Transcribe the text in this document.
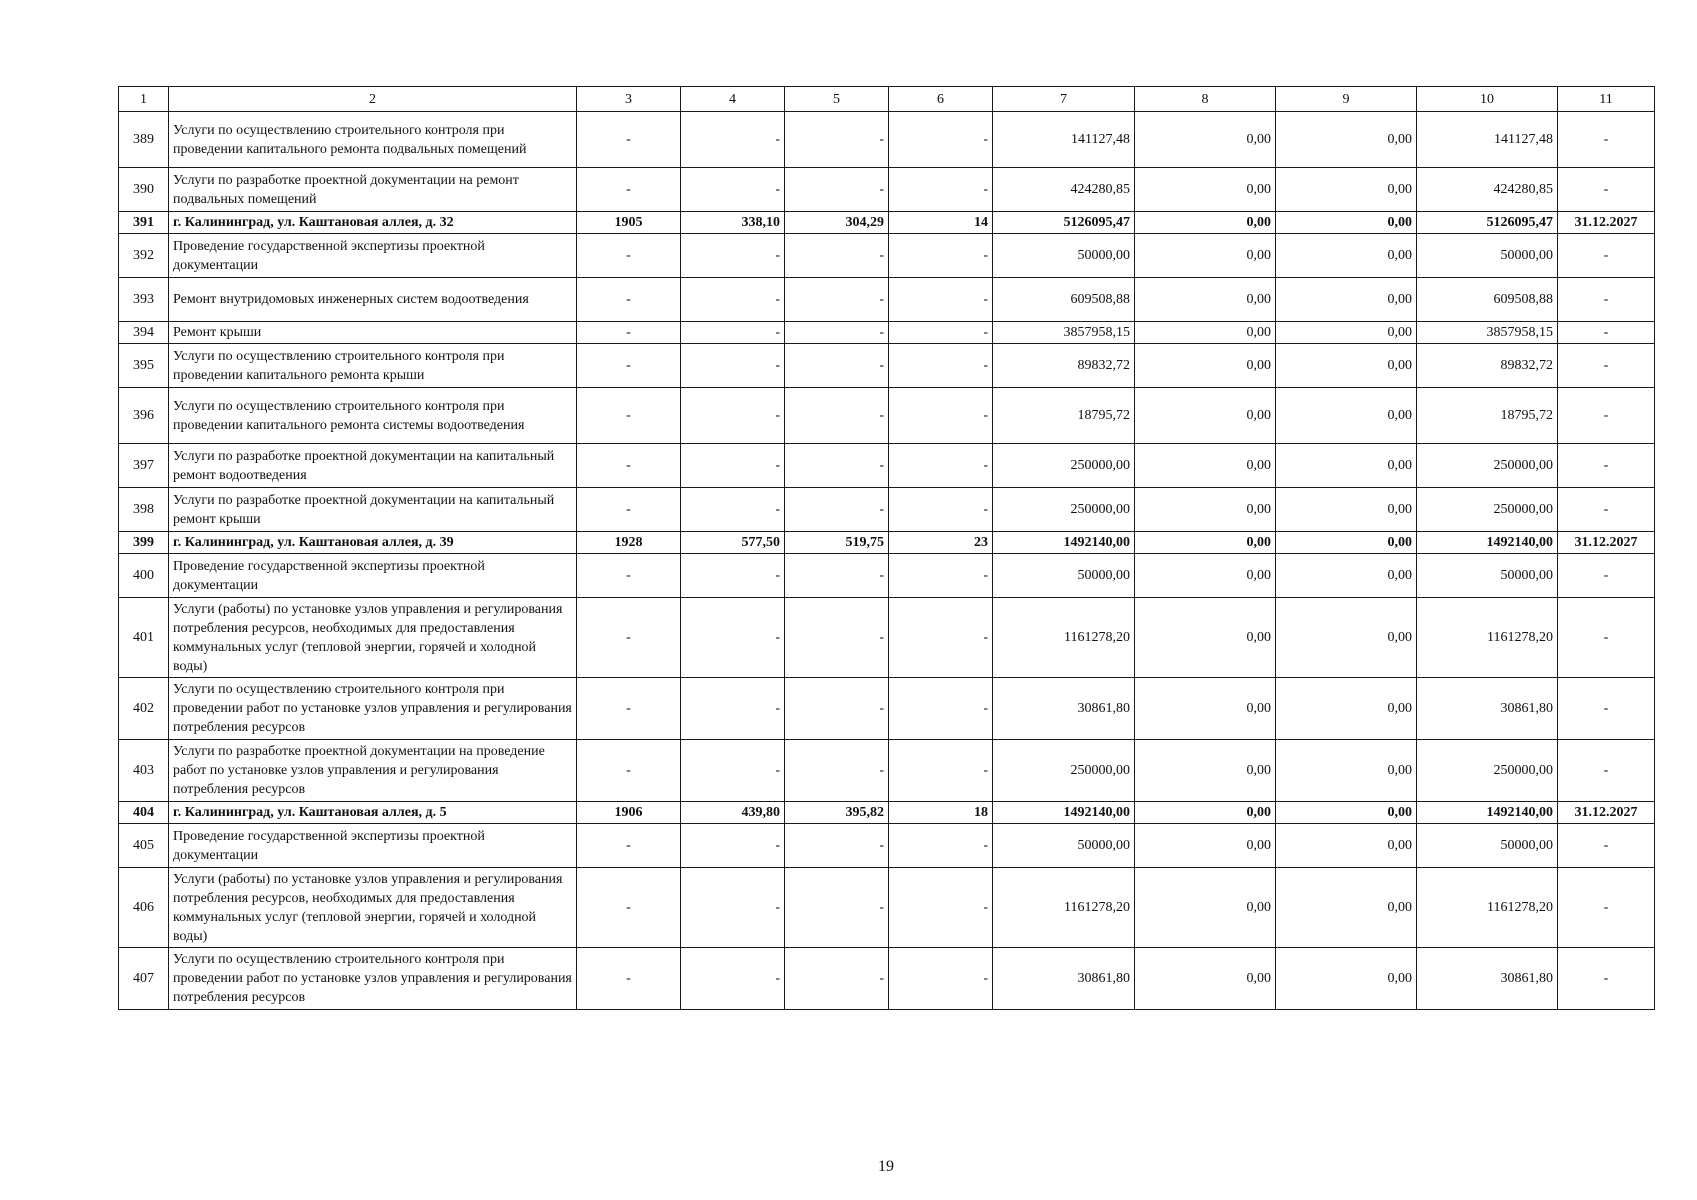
1	2	3	4	5	6	7	8	9	10	11
389	Услуги по осуществлению строительного контроля при проведении капитального ремонта подвальных помещений	-	-	-	-	141127,48	0,00	0,00	141127,48	-
390	Услуги по разработке проектной документации на ремонт подвальных помещений	-	-	-	-	424280,85	0,00	0,00	424280,85	-
391	г. Калининград, ул. Каштановая аллея, д. 32	1905	338,10	304,29	14	5126095,47	0,00	0,00	5126095,47	31.12.2027
392	Проведение государственной экспертизы проектной документации	-	-	-	-	50000,00	0,00	0,00	50000,00	-
393	Ремонт внутридомовых инженерных систем водоотведения	-	-	-	-	609508,88	0,00	0,00	609508,88	-
394	Ремонт крыши	-	-	-	-	3857958,15	0,00	0,00	3857958,15	-
395	Услуги по осуществлению строительного контроля при проведении капитального ремонта крыши	-	-	-	-	89832,72	0,00	0,00	89832,72	-
396	Услуги по осуществлению строительного контроля при проведении капитального ремонта системы водоотведения	-	-	-	-	18795,72	0,00	0,00	18795,72	-
397	Услуги по разработке проектной документации на капитальный ремонт водоотведения	-	-	-	-	250000,00	0,00	0,00	250000,00	-
398	Услуги по разработке проектной документации на капитальный ремонт крыши	-	-	-	-	250000,00	0,00	0,00	250000,00	-
399	г. Калининград, ул. Каштановая аллея, д. 39	1928	577,50	519,75	23	1492140,00	0,00	0,00	1492140,00	31.12.2027
400	Проведение государственной экспертизы проектной документации	-	-	-	-	50000,00	0,00	0,00	50000,00	-
401	Услуги (работы) по установке узлов управления и регулирования потребления ресурсов, необходимых для предоставления коммунальных услуг (тепловой энергии, горячей и холодной воды)	-	-	-	-	1161278,20	0,00	0,00	1161278,20	-
402	Услуги по осуществлению строительного контроля при проведении работ по установке узлов управления и регулирования потребления ресурсов	-	-	-	-	30861,80	0,00	0,00	30861,80	-
403	Услуги по разработке проектной документации на проведение работ по установке узлов управления и регулирования потребления ресурсов	-	-	-	-	250000,00	0,00	0,00	250000,00	-
404	г. Калининград, ул. Каштановая аллея, д. 5	1906	439,80	395,82	18	1492140,00	0,00	0,00	1492140,00	31.12.2027
405	Проведение государственной экспертизы проектной документации	-	-	-	-	50000,00	0,00	0,00	50000,00	-
406	Услуги (работы) по установке узлов управления и регулирования потребления ресурсов, необходимых для предоставления коммунальных услуг (тепловой энергии, горячей и холодной воды)	-	-	-	-	1161278,20	0,00	0,00	1161278,20	-
407	Услуги по осуществлению строительного контроля при проведении работ по установке узлов управления и регулирования потребления ресурсов	-	-	-	-	30861,80	0,00	0,00	30861,80	-
19
